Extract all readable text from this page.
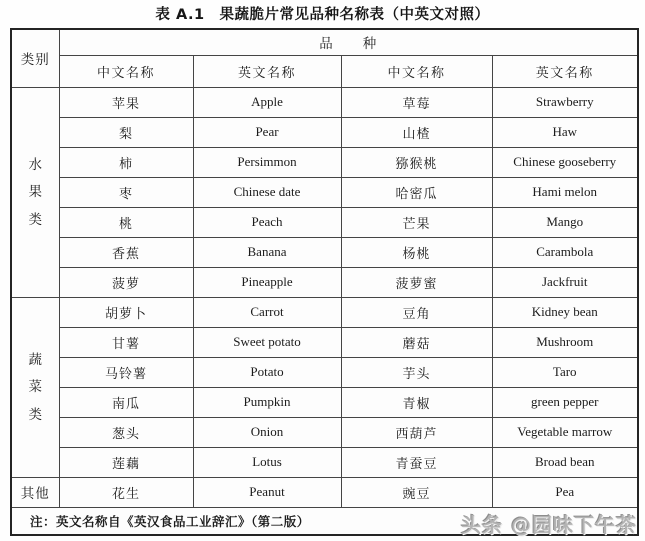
表 A.1　果蔬脆片常见品种名称表（中英文对照）
类别	品　　种			
	中文名称	英文名称	中文名称	英文名称

水
果
类	苹果	Apple	草莓	Strawberry
	梨	Pear	山楂	Haw
	柿	Persimmon	猕猴桃	Chinese gooseberry
	枣	Chinese date	哈密瓜	Hami melon
	桃	Peach	芒果	Mango
	香蕉	Banana	杨桃	Carambola
	菠萝	Pineapple	菠萝蜜	Jackfruit

蔬
菜
类	胡萝卜	Carrot	豆角	Kidney bean
	甘薯	Sweet potato	蘑菇	Mushroom
	马铃薯	Potato	芋头	Taro
	南瓜	Pumpkin	青椒	green pepper
	葱头	Onion	西葫芦	Vegetable marrow
	莲藕	Lotus	青蚕豆	Broad bean
其他	花生	Peanut	豌豆	Pea
注：英文名称自《英汉食品工业辞汇》（第二版）					头条 @园味下午茶
